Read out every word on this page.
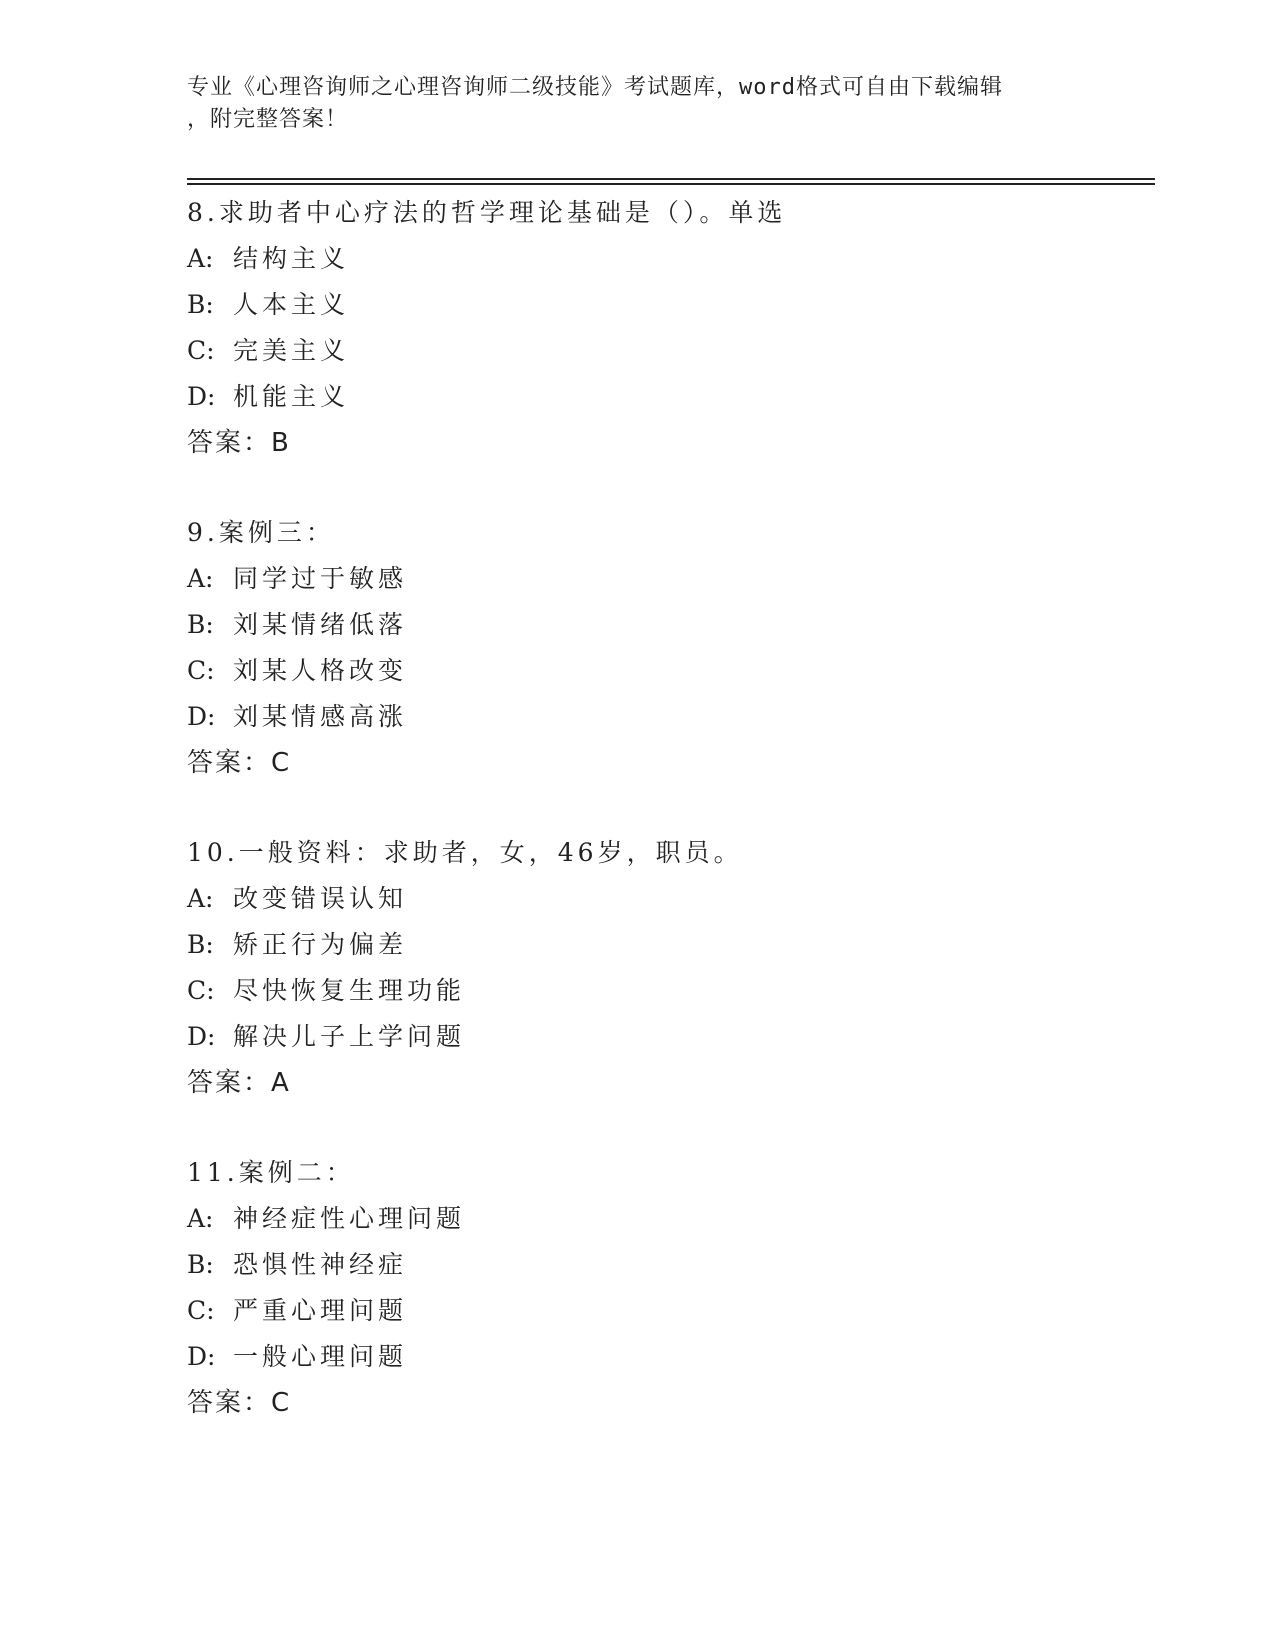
专业《心理咨询师之心理咨询师二级技能》考试题库，word格式可自由下载编辑
，附完整答案！
8.求助者中心疗法的哲学理论基础是（）。单选
A: 结构主义
B: 人本主义
C: 完美主义
D: 机能主义
答案：B
9.案例三：
A: 同学过于敏感
B: 刘某情绪低落
C: 刘某人格改变
D: 刘某情感高涨
答案：C
10.一般资料：求助者，女，46岁，职员。
A: 改变错误认知
B: 矫正行为偏差
C: 尽快恢复生理功能
D: 解决儿子上学问题
答案：A
11.案例二：
A: 神经症性心理问题
B: 恐惧性神经症
C: 严重心理问题
D: 一般心理问题
答案：C
